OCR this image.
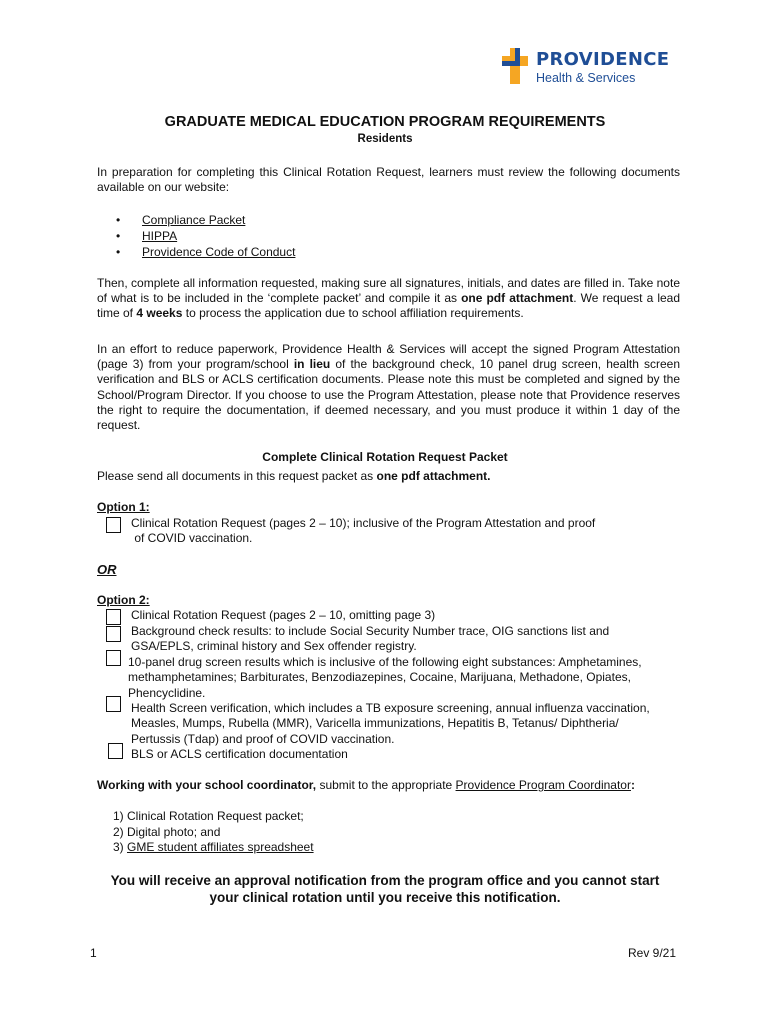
PROVIDENCE
Health & Services
GRADUATE MEDICAL EDUCATION PROGRAM REQUIREMENTS
Residents
In preparation for completing this Clinical Rotation Request, learners must review the following documents available on our website:
• Compliance Packet
• HIPPA
• Providence Code of Conduct
Then, complete all information requested, making sure all signatures, initials, and dates are filled in. Take note of what is to be included in the ‘complete packet’ and compile it as one pdf attachment. We request a lead time of 4 weeks to process the application due to school affiliation requirements.
In an effort to reduce paperwork, Providence Health & Services will accept the signed Program Attestation (page 3) from your program/school in lieu of the background check, 10 panel drug screen, health screen verification and BLS or ACLS certification documents. Please note this must be completed and signed by the School/Program Director. If you choose to use the Program Attestation, please note that Providence reserves the right to require the documentation, if deemed necessary, and you must produce it within 1 day of the request.
Complete Clinical Rotation Request Packet
Please send all documents in this request packet as one pdf attachment.
Option 1:
Clinical Rotation Request (pages 2 – 10); inclusive of the Program Attestation and proof
of COVID vaccination.
OR
Option 2:
Clinical Rotation Request (pages 2 – 10, omitting page 3)
Background check results: to include Social Security Number trace, OIG sanctions list and
GSA/EPLS, criminal history and Sex offender registry.
10-panel drug screen results which is inclusive of the following eight substances: Amphetamines,
methamphetamines; Barbiturates, Benzodiazepines, Cocaine, Marijuana, Methadone, Opiates,
Phencyclidine.
Health Screen verification, which includes a TB exposure screening, annual influenza vaccination,
Measles, Mumps, Rubella (MMR), Varicella immunizations, Hepatitis B, Tetanus/ Diphtheria/
Pertussis (Tdap) and proof of COVID vaccination.
BLS or ACLS certification documentation
Working with your school coordinator, submit to the appropriate Providence Program Coordinator:
1) Clinical Rotation Request packet;
2) Digital photo; and
3) GME student affiliates spreadsheet
You will receive an approval notification from the program office and you cannot start
your clinical rotation until you receive this notification.
1	Rev 9/21
